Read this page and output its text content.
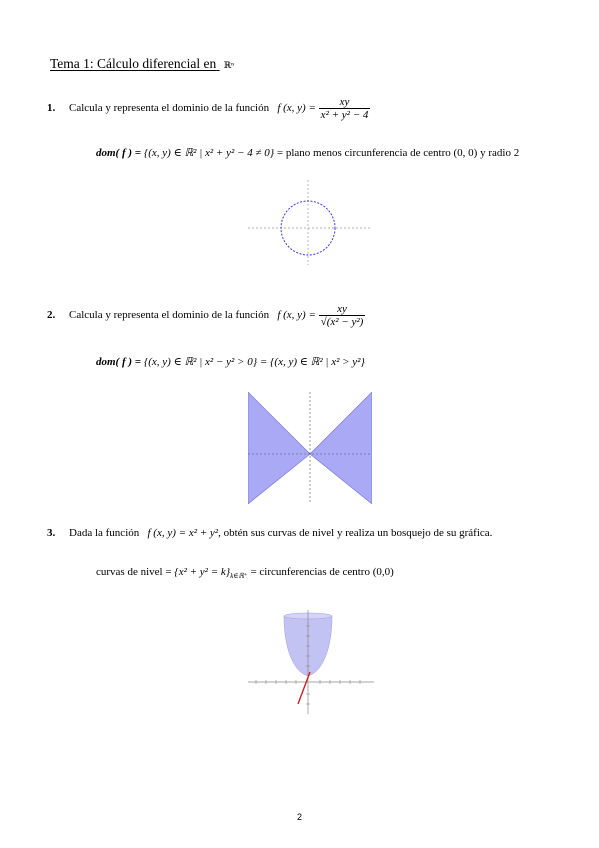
Tema 1: Cálculo diferencial en ℝⁿ
1. Calcula y representa el dominio de la función f (x, $y) = \frac{xy}{\text{x² + y² − 4}}$
dom( f ) = {(x, y) ∈ ℝ² | x² + y² − 4 ≠ 0} = plano menos circunferencia de centro (0, 0) y radio 2
2. Calcula y representa el dominio de la función f (x, $y) = \frac{xy}{\text{√(x² − y²)}}$
dom( f ) = {(x, y) ∈ ℝ² | x² − y² > 0} = {(x, y) ∈ ℝ² | x² > y²}
3. Dada la función f (x, y) = x² + y², obtén sus curvas de nivel y realiza un bosquejo de su gráfica.
curvas de nivel = $\{x^2 + y^2 = k\}_{k\in ℝ^+}$ = circunferencias de centro (0,0)
2
